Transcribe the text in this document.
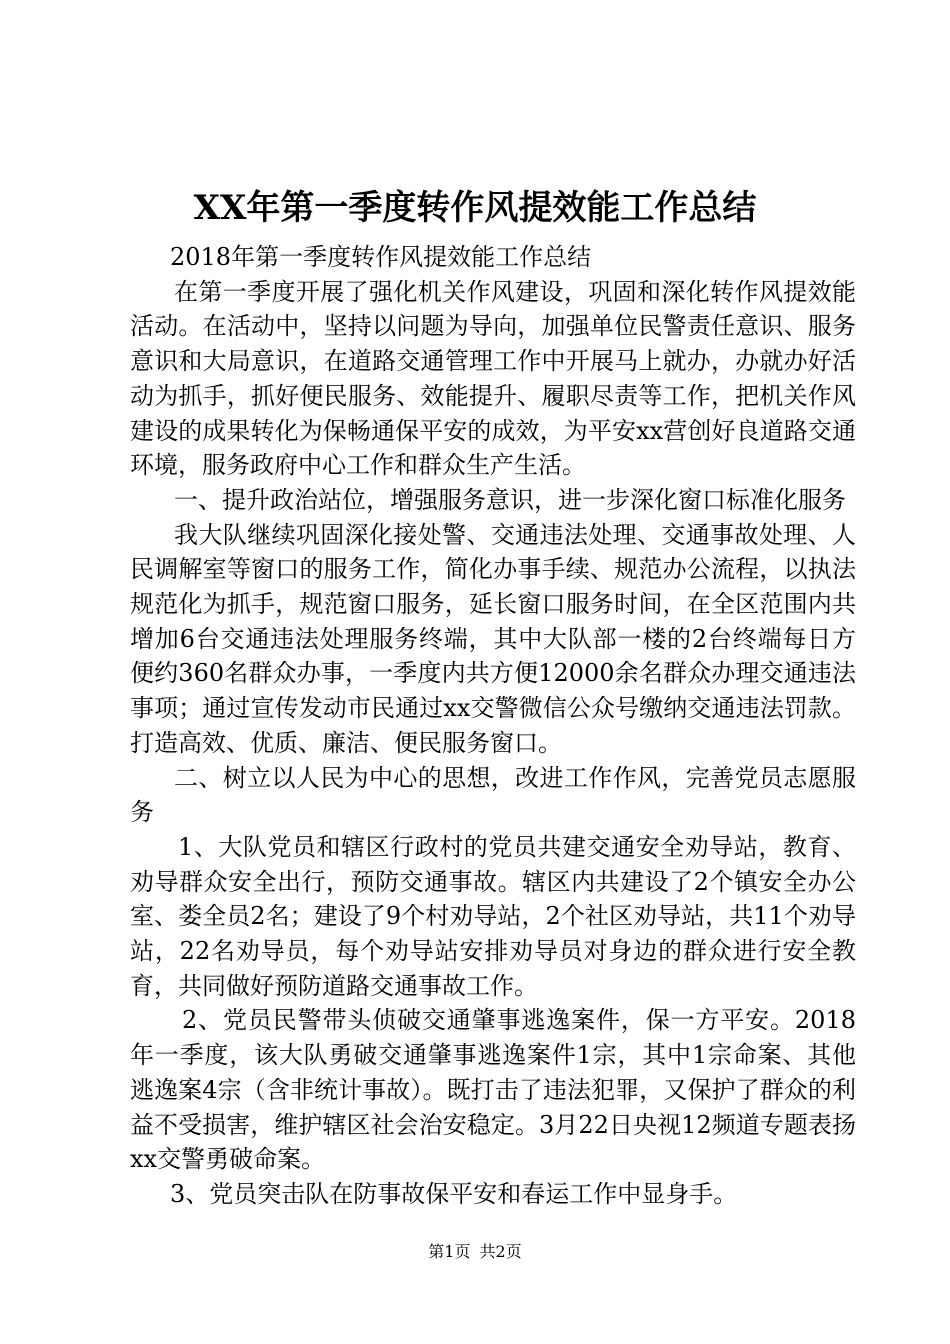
XX年第一季度转作风提效能工作总结

2018年第一季度转作风提效能工作总结

在第一季度开展了强化机关作风建设，巩固和深化转作风提效能活动。在活动中，坚持以问题为导向，加强单位民警责任意识、服务意识和大局意识，在道路交通管理工作中开展马上就办，办就办好活动为抓手，抓好便民服务、效能提升、履职尽责等工作，把机关作风建设的成果转化为保畅通保平安的成效，为平安xx营创好良道路交通环境，服务政府中心工作和群众生产生活。

一、提升政治站位，增强服务意识，进一步深化窗口标准化服务

我大队继续巩固深化接处警、交通违法处理、交通事故处理、人民调解室等窗口的服务工作，简化办事手续、规范办公流程，以执法规范化为抓手，规范窗口服务，延长窗口服务时间，在全区范围内共增加6台交通违法处理服务终端，其中大队部一楼的2台终端每日方便约360名群众办事，一季度内共方便12000余名群众办理交通违法事项；通过宣传发动市民通过xx交警微信公众号缴纳交通违法罚款。打造高效、优质、廉洁、便民服务窗口。

二、树立以人民为中心的思想，改进工作作风，完善党员志愿服务

1、大队党员和辖区行政村的党员共建交通安全劝导站，教育、劝导群众安全出行，预防交通事故。辖区内共建设了2个镇安全办公室、娄全员2名；建设了9个村劝导站，2个社区劝导站，共11个劝导站，22名劝导员，每个劝导站安排劝导员对身边的群众进行安全教育，共同做好预防道路交通事故工作。

2、党员民警带头侦破交通肇事逃逸案件，保一方平安。2018年一季度，该大队勇破交通肇事逃逸案件1宗，其中1宗命案、其他逃逸案4宗（含非统计事故）。既打击了违法犯罪，又保护了群众的利益不受损害，维护辖区社会治安稳定。3月22日央视12频道专题表扬xx交警勇破命案。

3、党员突击队在防事故保平安和春运工作中显身手。

第1页 共2页
